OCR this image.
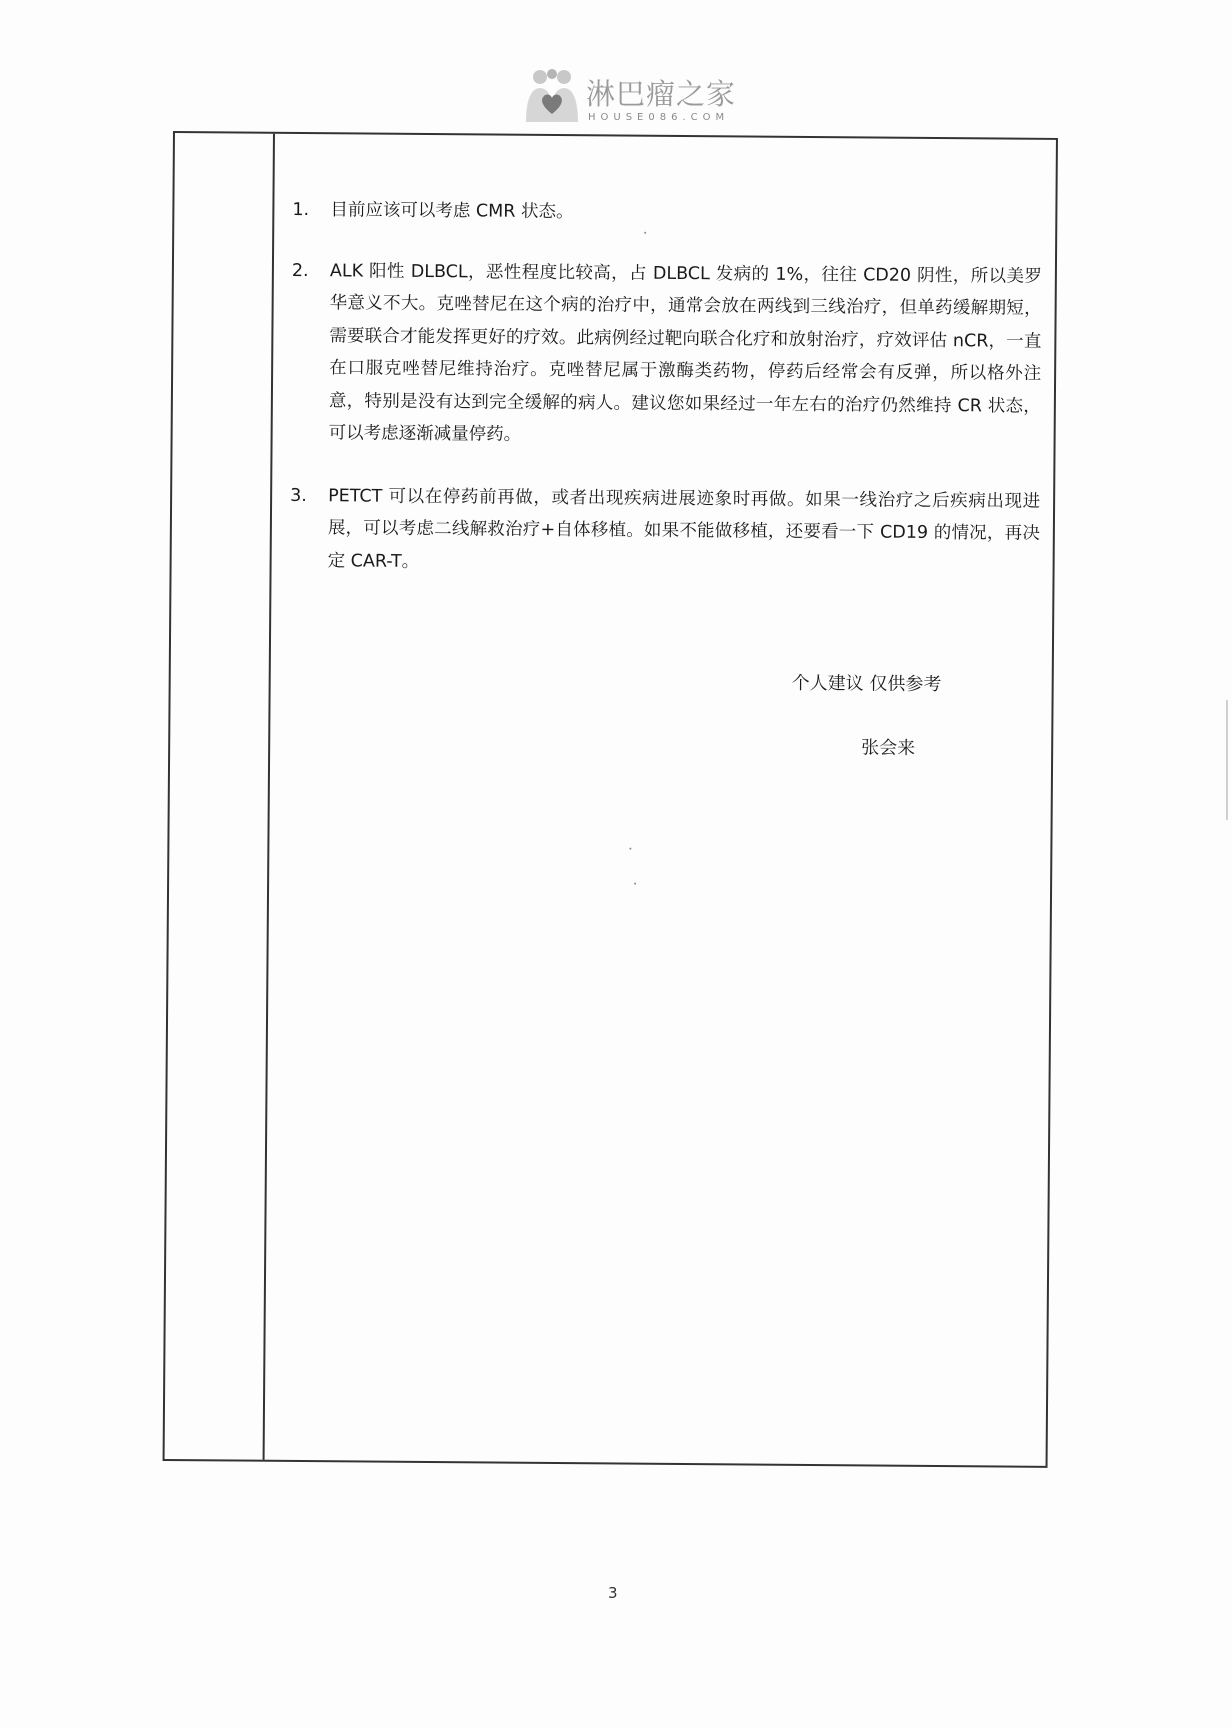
淋巴瘤之家
HOUSE086.COM
1. 目前应该可以考虑 CMR 状态。
2. ALK 阳性 DLBCL，恶性程度比较高，占 DLBCL 发病的 1%，往往 CD20 阴性，所以美罗华意义不大。克唑替尼在这个病的治疗中，通常会放在两线到三线治疗，但单药缓解期短，需要联合才能发挥更好的疗效。此病例经过靶向联合化疗和放射治疗，疗效评估 nCR，一直在口服克唑替尼维持治疗。克唑替尼属于激酶类药物，停药后经常会有反弹，所以格外注意，特别是没有达到完全缓解的病人。建议您如果经过一年左右的治疗仍然维持 CR 状态，可以考虑逐渐减量停药。
3. PETCT 可以在停药前再做，或者出现疾病进展迹象时再做。如果一线治疗之后疾病出现进展，可以考虑二线解救治疗+自体移植。如果不能做移植，还要看一下 CD19 的情况，再决定 CAR-T。
个人建议 仅供参考
张会来
3
